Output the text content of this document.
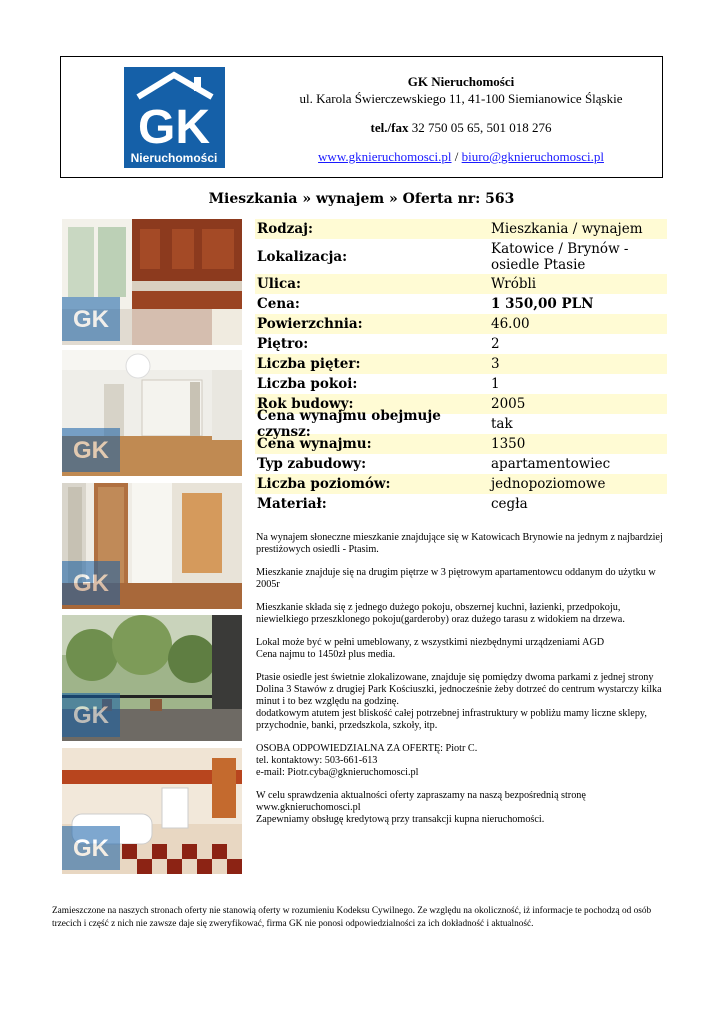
GK
Nieruchomości
GK Nieruchomości
ul. Karola Świerczewskiego 11, 41-100 Siemianowice Śląskie
tel./fax 32 750 05 65, 501 018 276
www.gknieruchomosci.pl / biuro@gknieruchomosci.pl
Mieszkania » wynajem » Oferta nr: 563
GK
GK
GK
GK
GK
Rodzaj:	Mieszkania / wynajem
Lokalizacja:	Katowice / Brynów - osiedle Ptasie
Ulica:	Wróbli
Cena:	1 350,00 PLN
Powierzchnia:	46.00
Piętro:	2
Liczba pięter:	3
Liczba pokoi:	1
Rok budowy:	2005
Cena wynajmu obejmuje czynsz:	tak
Cena wynajmu:	1350
Typ zabudowy:	apartamentowiec
Liczba poziomów:	jednopoziomowe
Materiał:	cegła

Na wynajem słoneczne mieszkanie znajdujące się w Katowicach Brynowie na jednym z najbardziej prestiżowych osiedli - Ptasim.

Mieszkanie znajduje się na drugim piętrze w 3 piętrowym apartamentowcu oddanym do użytku w 2005r

Mieszkanie składa się z jednego dużego pokoju, obszernej kuchni, łazienki, przedpokoju, niewielkiego przeszklonego pokoju(garderoby) oraz dużego tarasu z widokiem na drzewa.

Lokal może być w pełni umeblowany, z wszystkimi niezbędnymi urządzeniami AGD
Cena najmu to 1450zł plus media.

Ptasie osiedle jest świetnie zlokalizowane, znajduje się pomiędzy dwoma parkami z jednej strony Dolina 3 Stawów z drugiej Park Kościuszki, jednocześnie żeby dotrzeć do centrum wystarczy kilka minut i to bez względu na godzinę.
dodatkowym atutem jest bliskość całej potrzebnej infrastruktury w pobliżu mamy liczne sklepy, przychodnie, banki, przedszkola, szkoły, itp.

OSOBA ODPOWIEDZIALNA ZA OFERTĘ: Piotr C.
tel. kontaktowy: 503-661-613
e-mail: Piotr.cyba@gknieruchomosci.pl

W celu sprawdzenia aktualności oferty zapraszamy na naszą bezpośrednią stronę
www.gknieruchomosci.pl
Zapewniamy obsługę kredytową przy transakcji kupna nieruchomości.

Zamieszczone na naszych stronach oferty nie stanowią oferty w rozumieniu Kodeksu Cywilnego. Ze względu na okoliczność, iż informacje te pochodzą od osób trzecich i część z nich nie zawsze daje się zweryfikować, firma GK nie ponosi odpowiedzialności za ich dokładność i aktualność.
